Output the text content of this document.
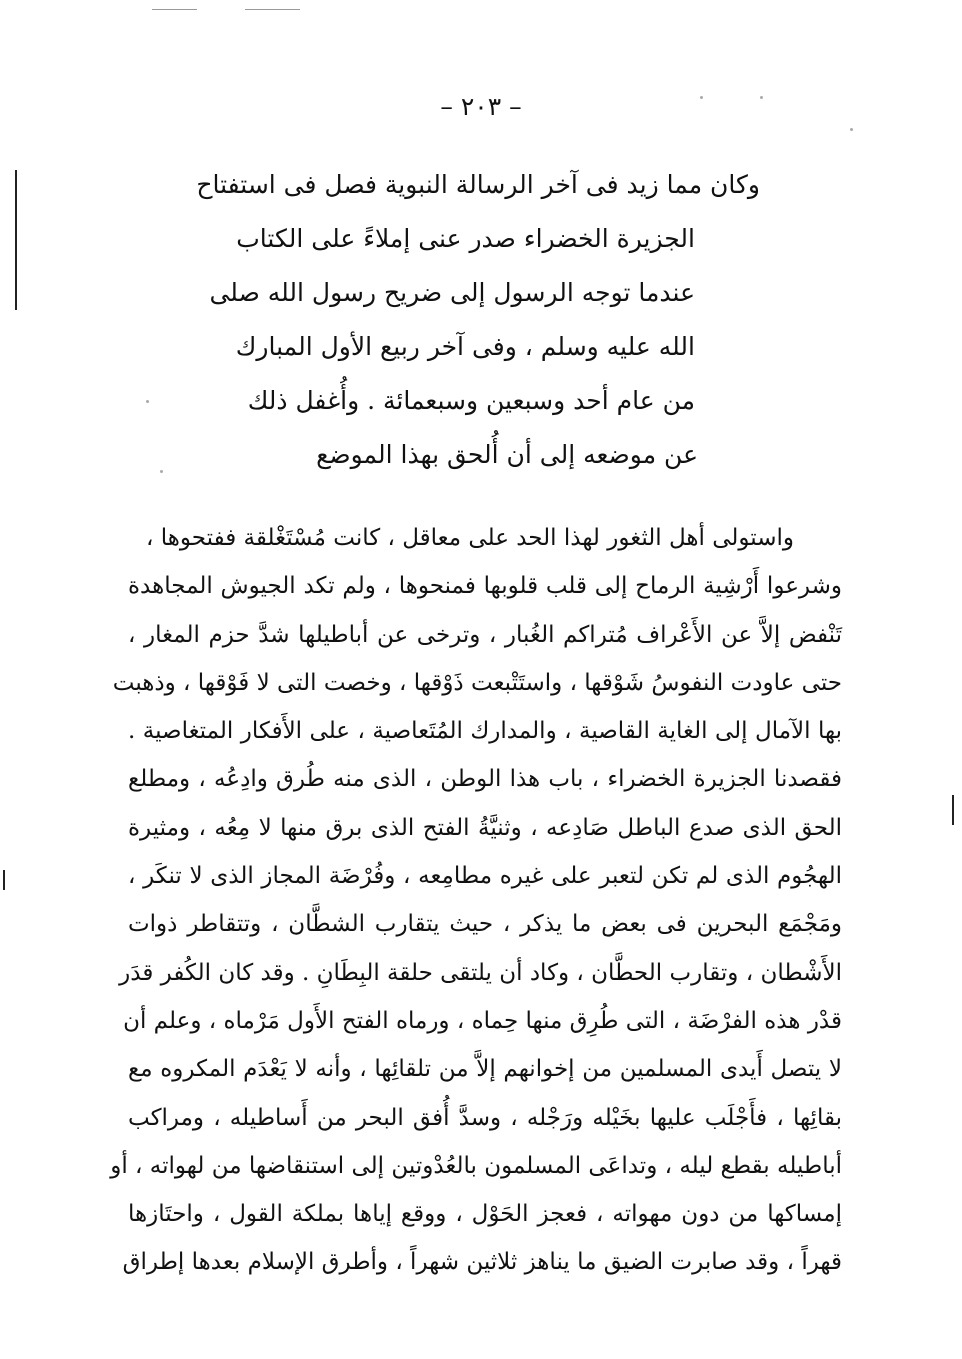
– ٢٠٣ –
وكان مما زيد فى آخر الرسالة النبوية فصل فى استفتاح
الجزيرة الخضراء صدر عنى إملاءً على الكتاب
عندما توجه الرسول إلى ضريح رسول الله صلى
الله عليه وسلم ، وفى آخر ربيع الأول المبارك
من عام أحد وسبعين وسبعمائة . وأُغفل ذلك
عن موضعه إلى أن أُلحق بهذا الموضع
واستولى أهل الثغور لهذا الحد على معاقل ، كانت مُسْتَغْلقة ففتحوها ،
وشرعوا أَرْشِية الرماح إلى قلب قلوبها فمنحوها ، ولم تكد الجيوش المجاهدة
تَنْفض إلاَّ عن الأَعْراف مُتراكم الغُبار ، وترخى عن أباطيلها شدَّ حزم المغار ،
حتى عاودت النفوسُ شَوْقها ، واستَتْبعت ذَوْقها ، وخصت التى لا فَوْقها ، وذهبت
بها الآمال إلى الغاية القاصية ، والمدارك المُتَعاصية ، على الأَفكار المتغاصية .
فقصدنا الجزيرة الخضراء ، باب هذا الوطن ، الذى منه طُرق وادِعُه ، ومطلع
الحق الذى صدع الباطل صَادِعه ، وثنيَّةُ الفتح الذى برق منها لا مِعُه ، ومثيرة
الهجُوم الذى لم تكن لتعبر على غيره مطامِعه ، وفُرْضَة المجاز الذى لا تنكَر ،
ومَجْمَع البحرين فى بعض ما يذكر ، حيث يتقارب الشطَّان ، وتتقاطر ذوات
الأَشْطان ، وتقارب الحطَّان ، وكاد أن يلتقى حلقة البِطَانِ . وقد كان الكُفر قدَر
قدْر هذه الفرْضَة ، التى طُرِق منها حِماه ، ورماه الفتح الأَول مَرْماه ، وعلم أن
لا يتصل أَيدى المسلمين من إخوانهم إلاَّ من تلقائِها ، وأنه لا يَعْدَم المكروه مع
بقائِها ، فأَجْلَب عليها بخَيْله ورَجْله ، وسدَّ أُفق البحر من أَساطيله ، ومراكب
أباطيله بقطع ليله ، وتداعَى المسلمون بالعُدْوتين إلى استنقاضها من لهواته ، أو
إمساكها من دون مهواته ، فعجز الحَوْل ، ووقع إياها بملكة القول ، واحتَازها
قهراً ، وقد صابرت الضيق ما يناهز ثلاثين شهراً ، وأطرق الإسلام بعدها إطراق
